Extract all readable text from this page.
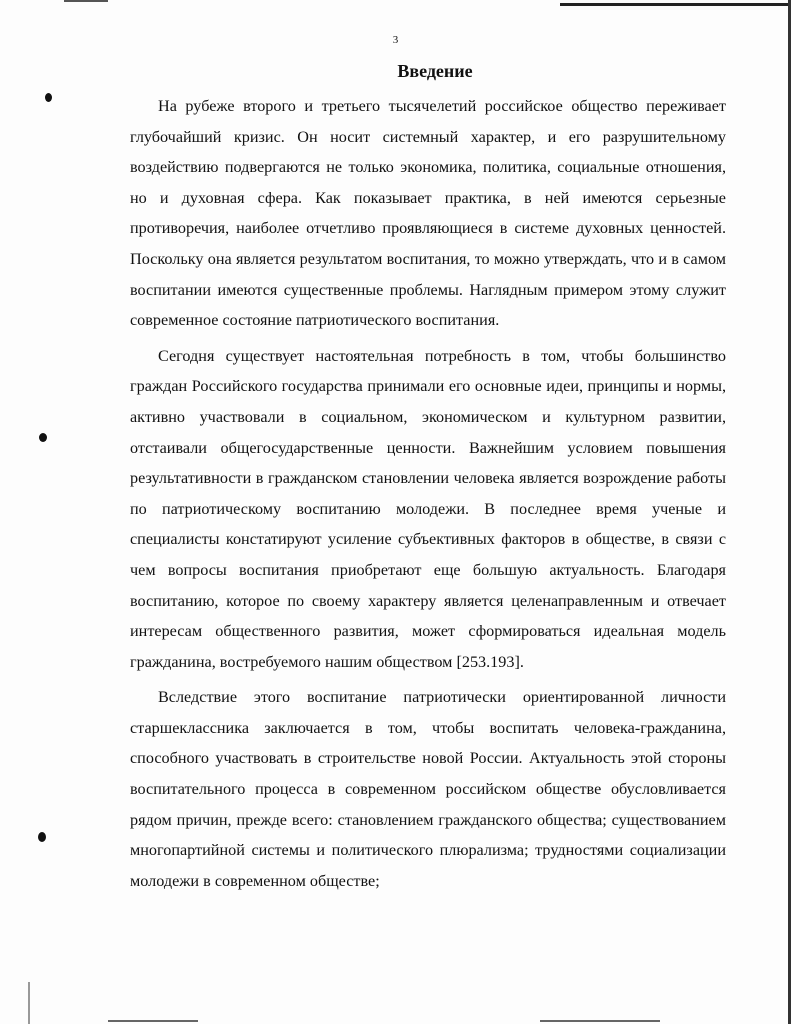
3
Введение

На рубеже второго и третьего тысячелетий российское общество переживает глубочайший кризис. Он носит системный характер, и его разрушительному воздействию подвергаются не только экономика, политика, социальные отношения, но и духовная сфера. Как показывает практика, в ней имеются серьезные противоречия, наиболее отчетливо проявляющиеся в системе духовных ценностей. Поскольку она является результатом воспитания, то можно утверждать, что и в самом воспитании имеются существенные проблемы. Наглядным примером этому служит современное состояние патриотического воспитания.

Сегодня существует настоятельная потребность в том, чтобы большинство граждан Российского государства принимали его основные идеи, принципы и нормы, активно участвовали в социальном, экономическом и культурном развитии, отстаивали общегосударственные ценности. Важнейшим условием повышения результативности в гражданском становлении человека является возрождение работы по патриотическому воспитанию молодежи. В последнее время ученые и специалисты констатируют усиление субъективных факторов в обществе, в связи с чем вопросы воспитания приобретают еще большую актуальность. Благодаря воспитанию, которое по своему характеру является целенаправленным и отвечает интересам общественного развития, может сформироваться идеальная модель гражданина, востребуемого нашим обществом [253.193].

Вследствие этого воспитание патриотически ориентированной личности старшеклассника заключается в том, чтобы воспитать человека-гражданина, способного участвовать в строительстве новой России. Актуальность этой стороны воспитательного процесса в современном российском обществе обусловливается рядом причин, прежде всего: становлением гражданского общества; существованием многопартийной системы и политического плюрализма; трудностями социализации молодежи в современном обществе;
